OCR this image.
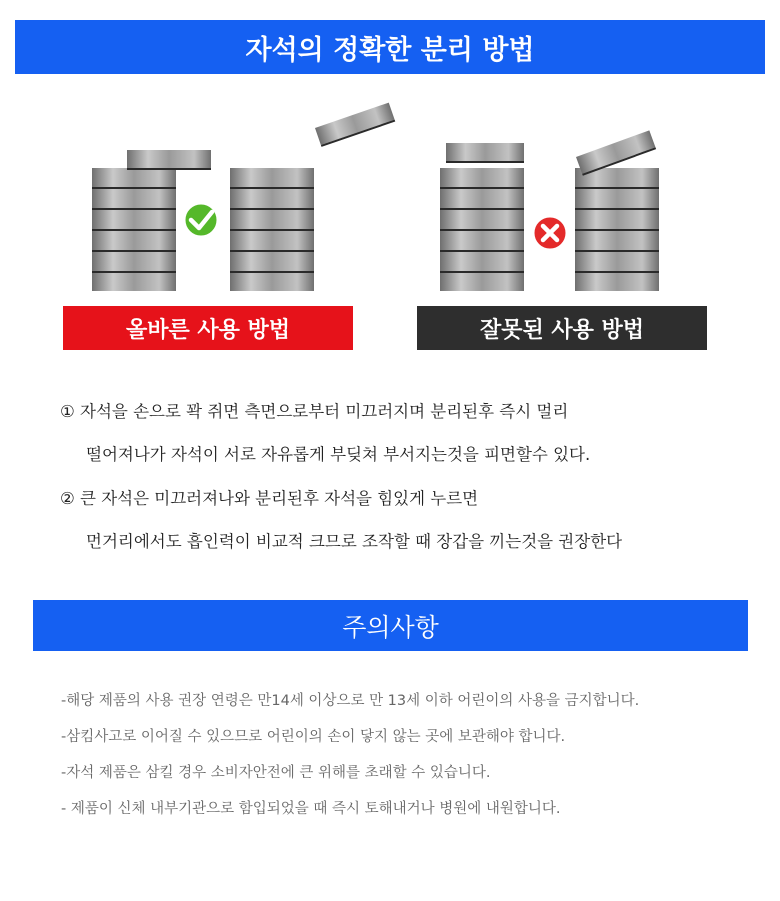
자석의 정확한 분리 방법
올바른 사용 방법	잘못된 사용 방법
① 자석을 손으로 꽉 쥐면 측면으로부터 미끄러지며 분리된후 즉시 멀리
떨어져나가 자석이 서로 자유롭게 부딪쳐 부서지는것을 피면할수 있다.
② 큰 자석은 미끄러져나와 분리된후 자석을 힘있게 누르면
먼거리에서도 흡인력이 비교적 크므로 조작할 때 장갑을 끼는것을 권장한다
주의사항
-해당 제품의 사용 권장 연령은 만14세 이상으로 만 13세 이하 어린이의 사용을 금지합니다.
-삼킴사고로 이어질 수 있으므로 어린이의 손이 닿지 않는 곳에 보관해야 합니다.
-자석 제품은 삼킬 경우 소비자안전에 큰 위해를 초래할 수 있습니다.
- 제품이 신체 내부기관으로 함입되었을 때 즉시 토해내거나 병원에 내원합니다.
